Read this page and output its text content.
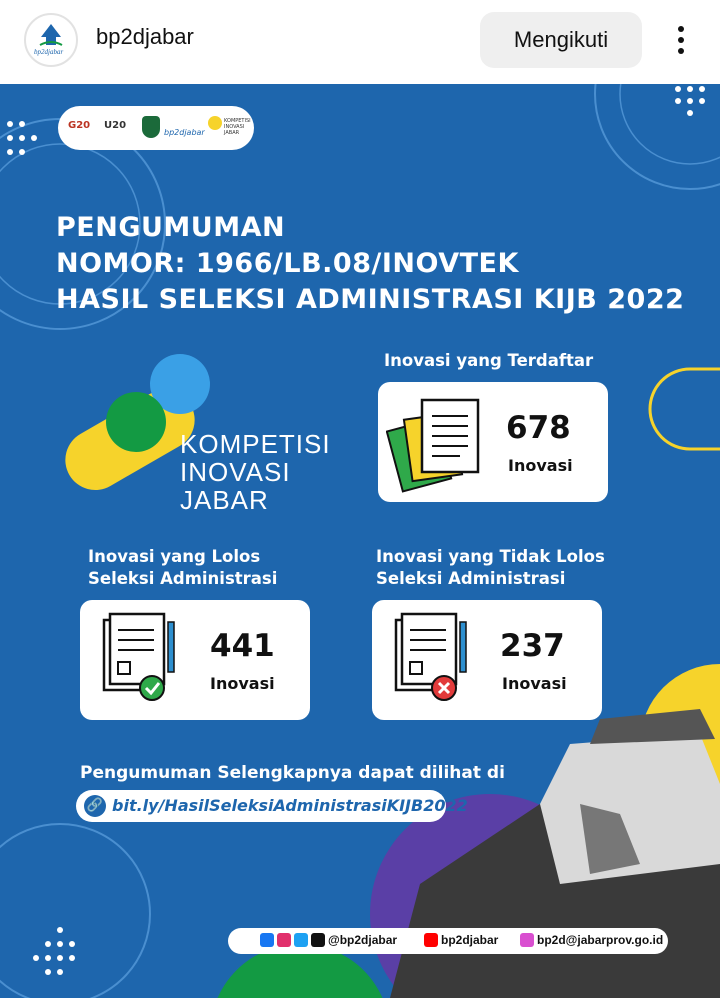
bp2djabar
bp2djabar	Mengikuti
G20 U20
bp2djabar
KOMPETISI INOVASI JABAR
PENGUMUMAN
NOMOR: 1966/LB.08/INOVTEK
HASIL SELEKSI ADMINISTRASI KIJB 2022
KOMPETISI
INOVASI
JABAR
Inovasi yang Terdaftar
678
Inovasi
Inovasi yang Lolos
Seleksi Administrasi
441
Inovasi
Inovasi yang Tidak Lolos
Seleksi Administrasi
237
Inovasi
Pengumuman Selengkapnya dapat dilihat di
🔗 bit.ly/HasilSeleksiAdministrasiKIJB2022
@bp2djabar	bp2djabar	bp2d@jabarprov.go.id
